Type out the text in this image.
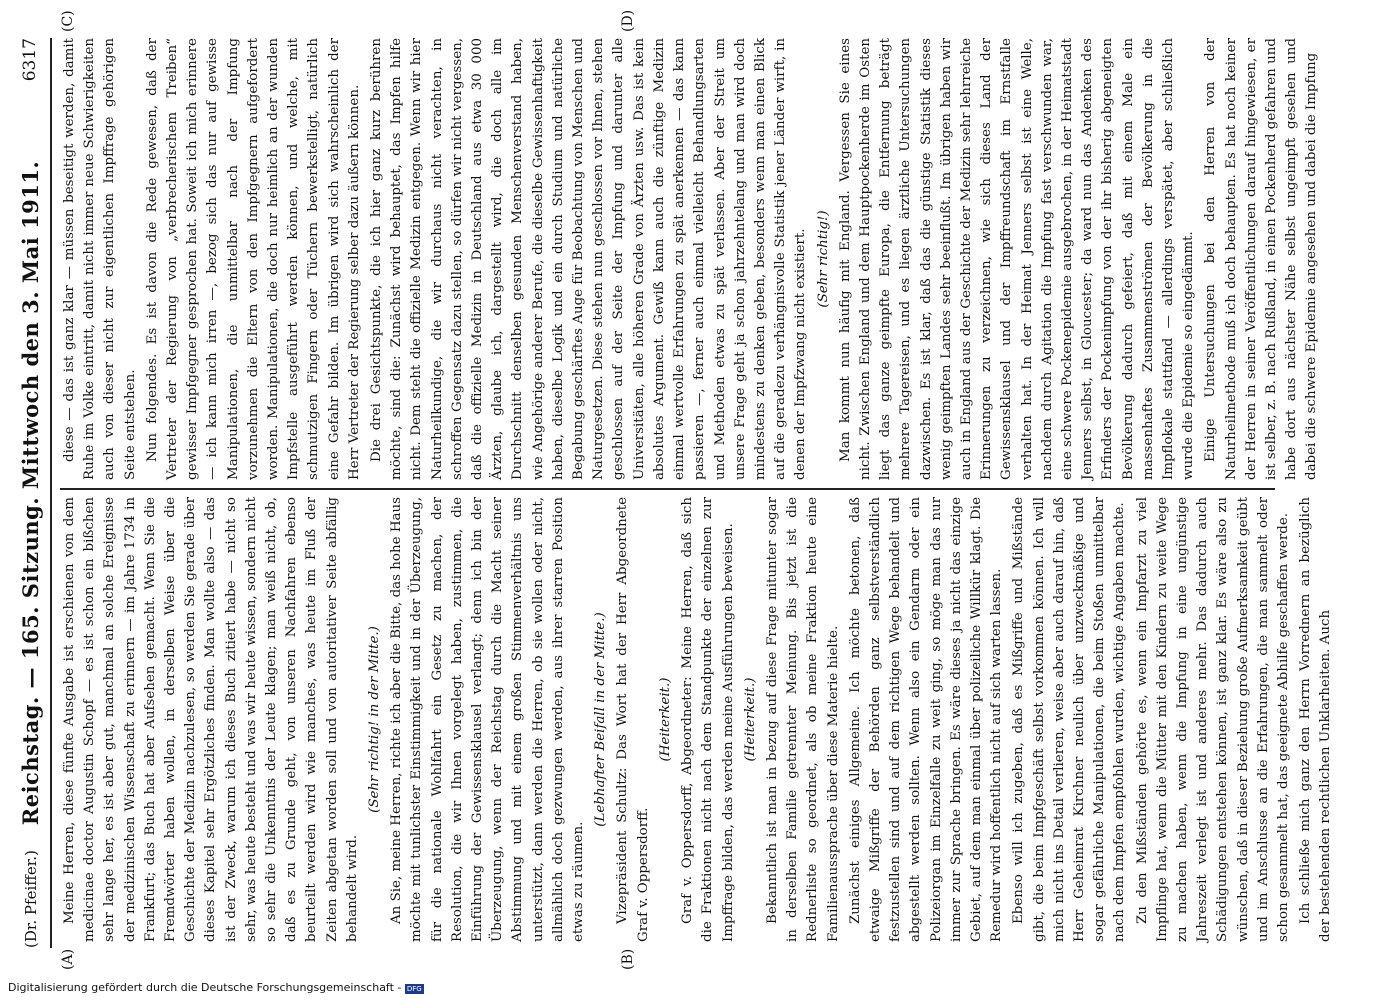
(Dr. Pfeiffer.)
Reichstag. — 165. Sitzung. Mittwoch den 3. Mai 1911.
6317
(A)	(B)
(C)	(D)

Meine Herren, diese fünfte Ausgabe ist erschienen von dem medicinae doctor Augustin Schopf — es ist schon ein bißchen sehr lange her, es ist aber gut, manchmal an solche Ereignisse der medizinischen Wissenschaft zu erinnern — im Jahre 1734 in Frankfurt; das Buch hat aber Aufsehen gemacht. Wenn Sie die Fremdwörter haben wollen, in derselben Weise über die Geschichte der Medizin nachzulesen, so werden Sie gerade über dieses Kapitel sehr Ergötzliches finden. Man wollte also — das ist der Zweck, warum ich dieses Buch zitiert habe — nicht so sehr, was heute besteht und was wir heute wissen, sondern nicht so sehr die Unkenntnis der Leute klagen; man weiß nicht, ob, daß es zu Grunde geht, von unseren Nachfahren ebenso beurteilt werden wird wie manches, was heute im Fluß der Zeiten abgetan worden soll und von autoritativer Seite abfällig behandelt wird.

(Sehr richtig! in der Mitte.) An Sie, meine Herren, richte ich aber die Bitte, das hohe Haus möchte mit tunlichster Einstimmigkeit und in der Überzeugung, für die nationale Wohlfahrt ein Gesetz zu machen, der Resolution, die wir Ihnen vorgelegt haben, zustimmen, die Einführung der Gewissensklausel verlangt; denn ich bin der Überzeugung, wenn der Reichstag durch die Macht seiner Abstimmung und mit einem großen Stimmenverhältnis uns unterstützt, dann werden die Herren, ob sie wollen oder nicht, allmählich doch gezwungen werden, aus ihrer starren Position etwas zu räumen.

(Lebhafter Beifall in der Mitte.) Vizepräsident Schultz: Das Wort hat der Herr Abgeordnete Graf v. Oppersdorff.

(Heiterkeit.) Graf v. Oppersdorff, Abgeordneter: Meine Herren, daß sich die Fraktionen nicht nach dem Standpunkte der einzelnen zur Impffrage bilden, das werden meine Ausführungen beweisen. (Heiterkeit.) Bekanntlich ist man in bezug auf diese Frage mitunter sogar in derselben Familie getrennter Meinung. Bis jetzt ist die Rednerliste so geordnet, als ob meine Fraktion heute eine Familienaussprache über diese Materie hielte. Zunächst einiges Allgemeine. Ich möchte betonen, daß etwaige Mißgriffe der Behörden ganz selbstverständlich festzustellen sind und auf dem richtigen Wege behandelt und abgestellt werden sollten. Wenn also ein Gendarm oder ein Polizeiorgan im Einzelfalle zu weit ging, so möge man das nur immer zur Sprache bringen. Es wäre dieses ja nicht das einzige Gebiet, auf dem man einmal über polizeiliche Willkür klagt. Die Remedur wird hoffentlich nicht auf sich warten lassen. Ebenso will ich zugeben, daß es Mißgriffe und Mißstände gibt, die beim Impfgeschäft selbst vorkommen können. Ich will mich nicht ins Detail verlieren, weise aber auch darauf hin, daß Herr Geheimrat Kirchner neulich über unzweckmäßige und sogar gefährliche Manipulationen, die beim Stoßen unmittelbar nach dem Impfen empfohlen wurden, wichtige Angaben machte. Zu den Mißständen gehörte es, wenn ein Impfarzt zu viel Impflinge hat, wenn die Mütter mit den Kindern zu weite Wege zu machen haben, wenn die Impfung in eine ungünstige Jahreszeit verlegt ist und anderes mehr. Das dadurch auch Schädigungen entstehen können, ist ganz klar. Es wäre also zu wünschen, daß in dieser Beziehung große Aufmerksamkeit geübt und im Anschlusse an die Erfahrungen, die man sammelt oder schon gesammelt hat, das geeignete Abhilfe geschaffen werde. Ich schließe mich ganz den Herrn Vorrednern an bezüglich der bestehenden rechtlichen Unklarheiten. Auch

diese — das ist ganz klar — müssen beseitigt werden, damit Ruhe im Volke eintritt, damit nicht immer neue Schwierigkeiten auch von dieser nicht zur eigentlichen Impffrage gehörigen Seite entstehen. Nun folgendes. Es ist davon die Rede gewesen, daß der Vertreter der Regierung von „verbrecherischem Treiben“ gewisser Impfgegner gesprochen hat. Soweit ich mich erinnere — ich kann mich irren —, bezog sich das nur auf gewisse Manipulationen, die unmittelbar nach der Impfung vorzunehmen die Eltern von den Impfgegnern aufgefordert worden. Manipulationen, die doch nur heimlich an der wunden Impfstelle ausgeführt werden können, und welche, mit schmutzigen Fingern oder Tüchern bewerkstelligt, natürlich eine Gefahr bilden. Im übrigen wird sich wahrscheinlich der Herr Vertreter der Regierung selber dazu äußern können. Die drei Gesichtspunkte, die ich hier ganz kurz berühren möchte, sind die: Zunächst wird behauptet, das Impfen hilfe nicht. Dem steht die offizielle Medizin entgegen. Wenn wir hier Naturheilkundige, die wir durchaus nicht verachten, in schroffen Gegensatz dazu stellen, so dürfen wir nicht vergessen, daß die offizielle Medizin in Deutschland aus etwa 30 000 Ärzten, glaube ich, dargestellt wird, die doch alle im Durchschnitt denselben gesunden Menschenverstand haben, wie Angehörige anderer Berufe, die dieselbe Gewissenhaftigkeit haben, dieselbe Logik und ein durch Studium und natürliche Begabung geschärftes Auge für Beobachtung von Menschen und Naturgesetzen. Diese stehen nun geschlossen vor Ihnen, stehen geschlossen auf der Seite der Impfung und darunter alle Universitäten, alle höheren Grade von Ärzten usw. Das ist kein absolutes Argument. Gewiß kann auch die zünftige Medizin einmal wertvolle Erfahrungen zu spät anerkennen — das kann passieren —, ferner auch einmal vielleicht Behandlungsarten und Methoden etwas zu spät verlassen. Aber der Streit um unsere Frage geht ja schon jahrzehntelang und man wird doch mindestens zu denken geben, besonders wenn man einen Blick auf die geradezu verhängnisvolle Statistik jener Länder wirft, in denen der Impfzwang nicht existiert. (Sehr richtig!) Man kommt nun häufig mit England. Vergessen Sie eines nicht. Zwischen England und dem Hauptpockenherde im Osten liegt das ganze geimpfte Europa, die Entfernung beträgt mehrere Tagereisen, und es liegen ärztliche Untersuchungen dazwischen. Es ist klar, daß das die günstige Statistik dieses wenig geimpften Landes sehr beeinflußt. Im übrigen haben wir auch in England aus der Geschichte der Medizin sehr lehrreiche Erinnerungen zu verzeichnen, wie sich dieses Land der Gewissensklausel und der Impffreundschaft im Ernstfalle verhalten hat. In der Heimat Jenners selbst ist eine Welle, nachdem durch Agitation die Impfung fast verschwunden war, eine schwere Pockenepidemie ausgebrochen, in der Heimatstadt Jenners selbst, in Gloucester; da ward nun das Andenken des Erfinders der Pockenimpfung von der ihr bisherig abgeneigten Bevölkerung dadurch gefeiert, daß mit einem Male ein massenhaftes Zusammenströmen der Bevölkerung in die Impflokale stattfand — allerdings verspätet, aber schließlich wurde die Epidemie so eingedämmt. Einige Untersuchungen bei den Herren von der Naturheilmethode muß ich doch behaupten. Es hat noch keiner der Herren in seiner Veröffentlichungen darauf hingewiesen, er ist selber, z. B. nach Rußland, in einen Pockenherd gefahren und habe dort aus nächster Nähe selbst ungeimpft gesehen und dabei die schwere Epidemie angesehen und dabei die Impfung

Digitalisierung gefördert durch die Deutsche Forschungsgemeinschaft - DFG
